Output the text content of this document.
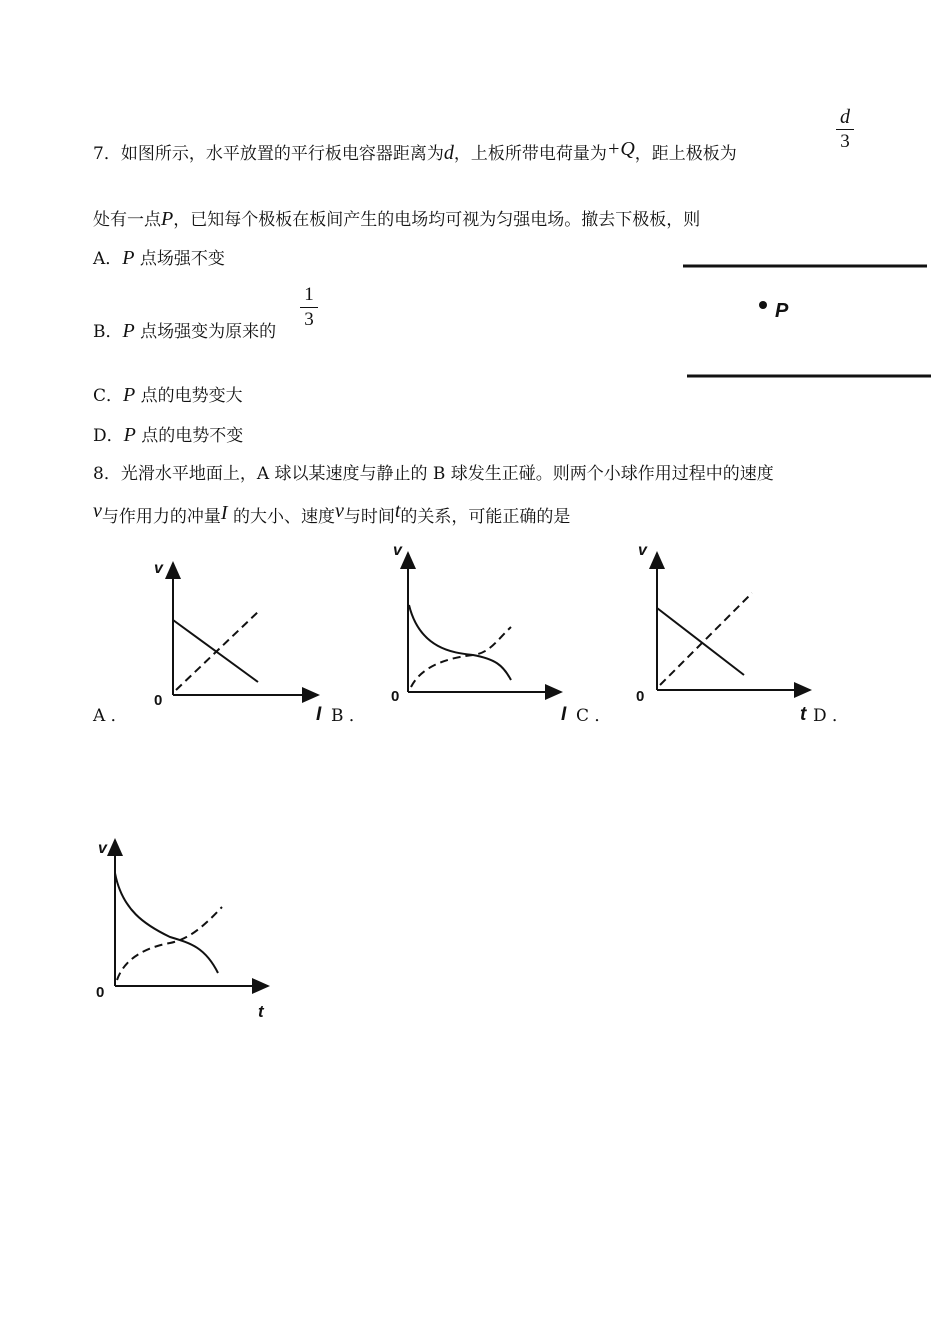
7．如图所示，水平放置的平行板电容器距离为d，上板所带电荷量为+Q，距上极板为
d
3
处有一点P，已知每个极板在板间产生的电场均可视为匀强电场。撤去下极板，则
A．P 点场强不变
B．P 点场强变为原来的
1
3
C．P 点的电势变大
D．P 点的电势不变
P
8．光滑水平地面上，A 球以某速度与静止的 B 球发生正碰。则两个小球作用过程中的速度
v与作用力的冲量I 的大小、速度v与时间t的关系，可能正确的是
v
0
I
A ．
v
0
I
B ．
v
0
t
C ．	D ．
v
0
t
